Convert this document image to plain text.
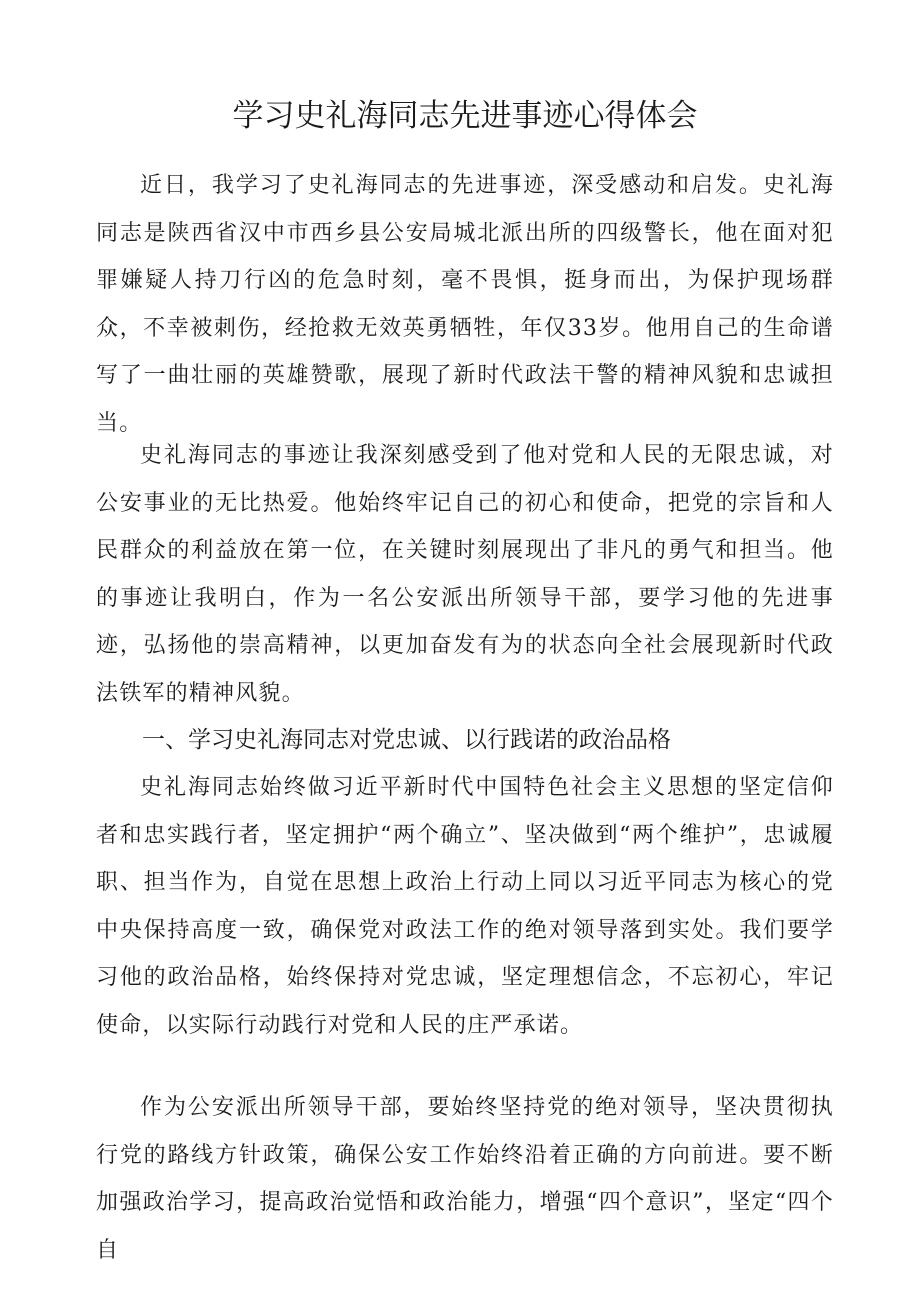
学习史礼海同志先进事迹心得体会

近日，我学习了史礼海同志的先进事迹，深受感动和启发。史礼海同志是陕西省汉中市西乡县公安局城北派出所的四级警长，他在面对犯罪嫌疑人持刀行凶的危急时刻，毫不畏惧，挺身而出，为保护现场群众，不幸被刺伤，经抢救无效英勇牺牲，年仅33岁。他用自己的生命谱写了一曲壮丽的英雄赞歌，展现了新时代政法干警的精神风貌和忠诚担当。

史礼海同志的事迹让我深刻感受到了他对党和人民的无限忠诚，对公安事业的无比热爱。他始终牢记自己的初心和使命，把党的宗旨和人民群众的利益放在第一位，在关键时刻展现出了非凡的勇气和担当。他的事迹让我明白，作为一名公安派出所领导干部，要学习他的先进事迹，弘扬他的崇高精神，以更加奋发有为的状态向全社会展现新时代政法铁军的精神风貌。

一、学习史礼海同志对党忠诚、以行践诺的政治品格

史礼海同志始终做习近平新时代中国特色社会主义思想的坚定信仰者和忠实践行者，坚定拥护“两个确立”、坚决做到“两个维护”，忠诚履职、担当作为，自觉在思想上政治上行动上同以习近平同志为核心的党中央保持高度一致，确保党对政法工作的绝对领导落到实处。我们要学习他的政治品格，始终保持对党忠诚，坚定理想信念，不忘初心，牢记使命，以实际行动践行对党和人民的庄严承诺。

作为公安派出所领导干部，要始终坚持党的绝对领导，坚决贯彻执行党的路线方针政策，确保公安工作始终沿着正确的方向前进。要不断加强政治学习，提高政治觉悟和政治能力，增强“四个意识”，坚定“四个自
